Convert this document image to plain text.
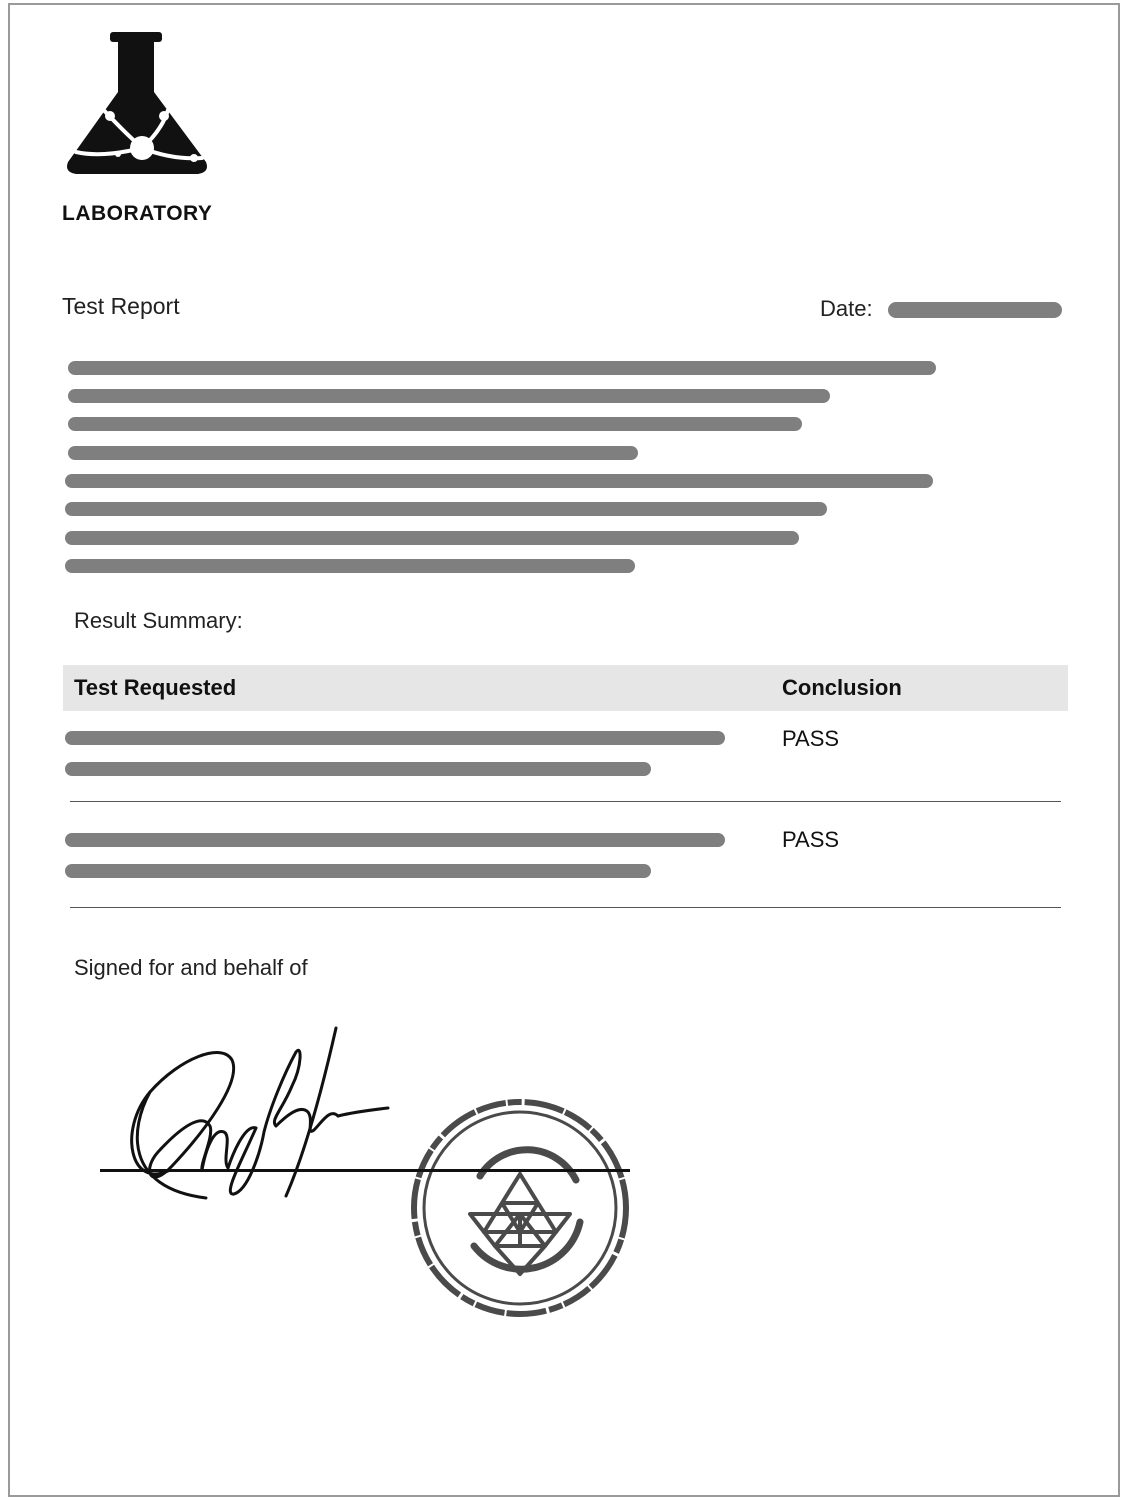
LABORATORY
Test Report	Date:
Result Summary:
Test Requested	Conclusion
PASS
PASS
Signed for and behalf of
